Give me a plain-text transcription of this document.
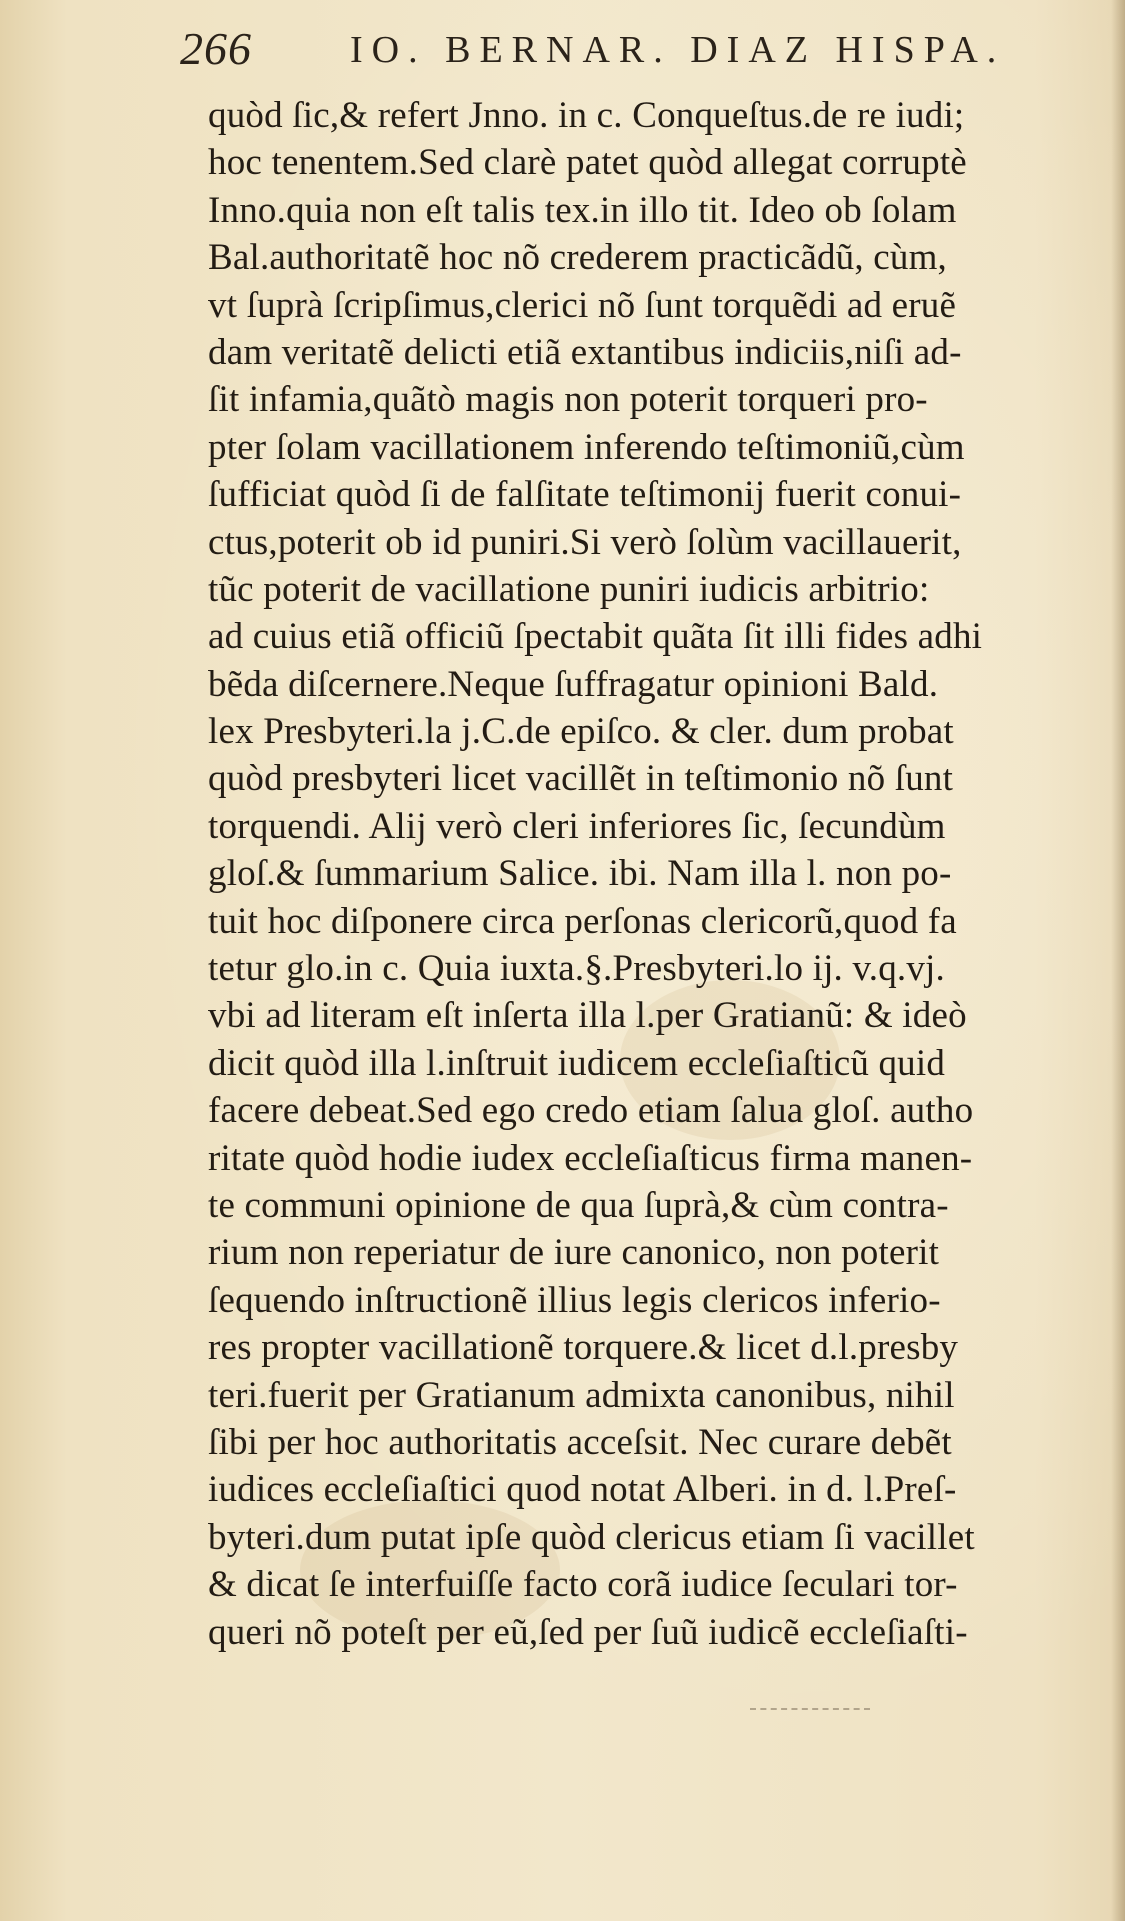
266	IO. BERNAR. DIAZ HISPA.
quòd ſic,& refert Jnno. in c. Conqueſtus.de re iudi;
hoc tenentem.Sed clarè patet quòd allegat corruptè
Inno.quia non eſt talis tex.in illo tit. Ideo ob ſolam
Bal.authoritatẽ hoc nõ crederem practicãdũ, cùm,
vt ſuprà ſcripſimus,clerici nõ ſunt torquẽdi ad eruẽ
dam veritatẽ delicti etiã extantibus indiciis,niſi ad-
ſit infamia,quãtò magis non poterit torqueri pro-
pter ſolam vacillationem inferendo teſtimoniũ,cùm
ſufficiat quòd ſi de falſitate teſtimonij fuerit conui-
ctus,poterit ob id puniri.Si verò ſolùm vacillauerit,
tũc poterit de vacillatione puniri iudicis arbitrio:
ad cuius etiã officiũ ſpectabit quãta ſit illi fides adhi
bẽda diſcernere.Neque ſuffragatur opinioni Bald.
lex Presbyteri.la j.C.de epiſco. & cler. dum probat
quòd presbyteri licet vacillẽt in teſtimonio nõ ſunt
torquendi. Alij verò cleri inferiores ſic, ſecundùm
gloſ.& ſummarium Salice. ibi. Nam illa l. non po-
tuit hoc diſponere circa perſonas clericorũ,quod fa
tetur glo.in c. Quia iuxta.§.Presbyteri.lo ij. v.q.vj.
vbi ad literam eſt inſerta illa l.per Gratianũ: & ideò
dicit quòd illa l.inſtruit iudicem eccleſiaſticũ quid
facere debeat.Sed ego credo etiam ſalua gloſ. autho
ritate quòd hodie iudex eccleſiaſticus firma manen-
te communi opinione de qua ſuprà,& cùm contra-
rium non reperiatur de iure canonico, non poterit
ſequendo inſtructionẽ illius legis clericos inferio-
res propter vacillationẽ torquere.& licet d.l.presby
teri.fuerit per Gratianum admixta canonibus, nihil
ſibi per hoc authoritatis acceſsit. Nec curare debẽt
iudices eccleſiaſtici quod notat Alberi. in d. l.Preſ-
byteri.dum putat ipſe quòd clericus etiam ſi vacillet
& dicat ſe interfuiſſe facto corã iudice ſeculari tor-
queri nõ poteſt per eũ,ſed per ſuũ iudicẽ eccleſiaſti-
